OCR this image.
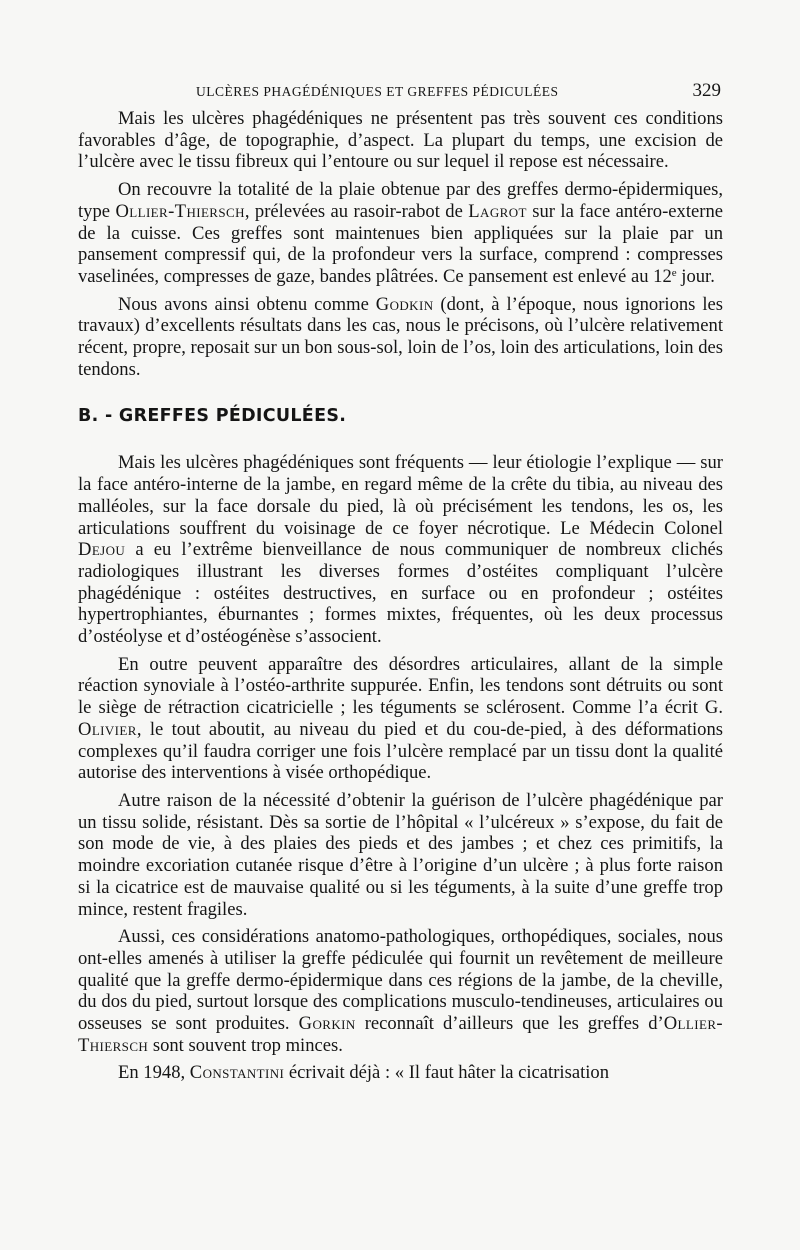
ULCÈRES PHAGÉDÉNIQUES ET GREFFES PÉDICULÉES	329

Mais les ulcères phagédéniques ne présentent pas très souvent ces conditions favorables d’âge, de topographie, d’aspect. La plupart du temps, une excision de l’ulcère avec le tissu fibreux qui l’entoure ou sur lequel il repose est nécessaire.

On recouvre la totalité de la plaie obtenue par des greffes dermo-épidermiques, type Ollier-Thiersch, prélevées au rasoir-rabot de Lagrot sur la face antéro-externe de la cuisse. Ces greffes sont maintenues bien appliquées sur la plaie par un pansement compressif qui, de la profondeur vers la surface, comprend : compresses vaselinées, compresses de gaze, bandes plâtrées. Ce pansement est enlevé au 12e jour.

Nous avons ainsi obtenu comme Godkin (dont, à l’époque, nous ignorions les travaux) d’excellents résultats dans les cas, nous le précisons, où l’ulcère relativement récent, propre, reposait sur un bon sous-sol, loin de l’os, loin des articulations, loin des tendons.

B. - GREFFES PÉDICULÉES.

Mais les ulcères phagédéniques sont fréquents — leur étiologie l’explique — sur la face antéro-interne de la jambe, en regard même de la crête du tibia, au niveau des malléoles, sur la face dorsale du pied, là où précisément les tendons, les os, les articulations souffrent du voisinage de ce foyer nécrotique. Le Médecin Colonel Dejou a eu l’extrême bienveillance de nous communiquer de nombreux clichés radiologiques illustrant les diverses formes d’ostéites compliquant l’ulcère phagédénique : ostéites destructives, en surface ou en profondeur ; ostéites hypertrophiantes, éburnantes ; formes mixtes, fréquentes, où les deux processus d’ostéolyse et d’ostéogénèse s’associent.

En outre peuvent apparaître des désordres articulaires, allant de la simple réaction synoviale à l’ostéo-arthrite suppurée. Enfin, les tendons sont détruits ou sont le siège de rétraction cicatricielle ; les téguments se sclérosent. Comme l’a écrit G. Olivier, le tout aboutit, au niveau du pied et du cou-de-pied, à des déformations complexes qu’il faudra corriger une fois l’ulcère remplacé par un tissu dont la qualité autorise des interventions à visée orthopédique.

Autre raison de la nécessité d’obtenir la guérison de l’ulcère phagédénique par un tissu solide, résistant. Dès sa sortie de l’hôpital « l’ulcéreux » s’expose, du fait de son mode de vie, à des plaies des pieds et des jambes ; et chez ces primitifs, la moindre excoriation cutanée risque d’être à l’origine d’un ulcère ; à plus forte raison si la cicatrice est de mauvaise qualité ou si les téguments, à la suite d’une greffe trop mince, restent fragiles.

Aussi, ces considérations anatomo-pathologiques, orthopédiques, sociales, nous ont-elles amenés à utiliser la greffe pédiculée qui fournit un revêtement de meilleure qualité que la greffe dermo-épidermique dans ces régions de la jambe, de la cheville, du dos du pied, surtout lorsque des complications musculo-tendineuses, articulaires ou osseuses se sont produites. Gorkin reconnaît d’ailleurs que les greffes d’Ollier-Thiersch sont souvent trop minces.

En 1948, Constantini écrivait déjà : « Il faut hâter la cicatrisation
